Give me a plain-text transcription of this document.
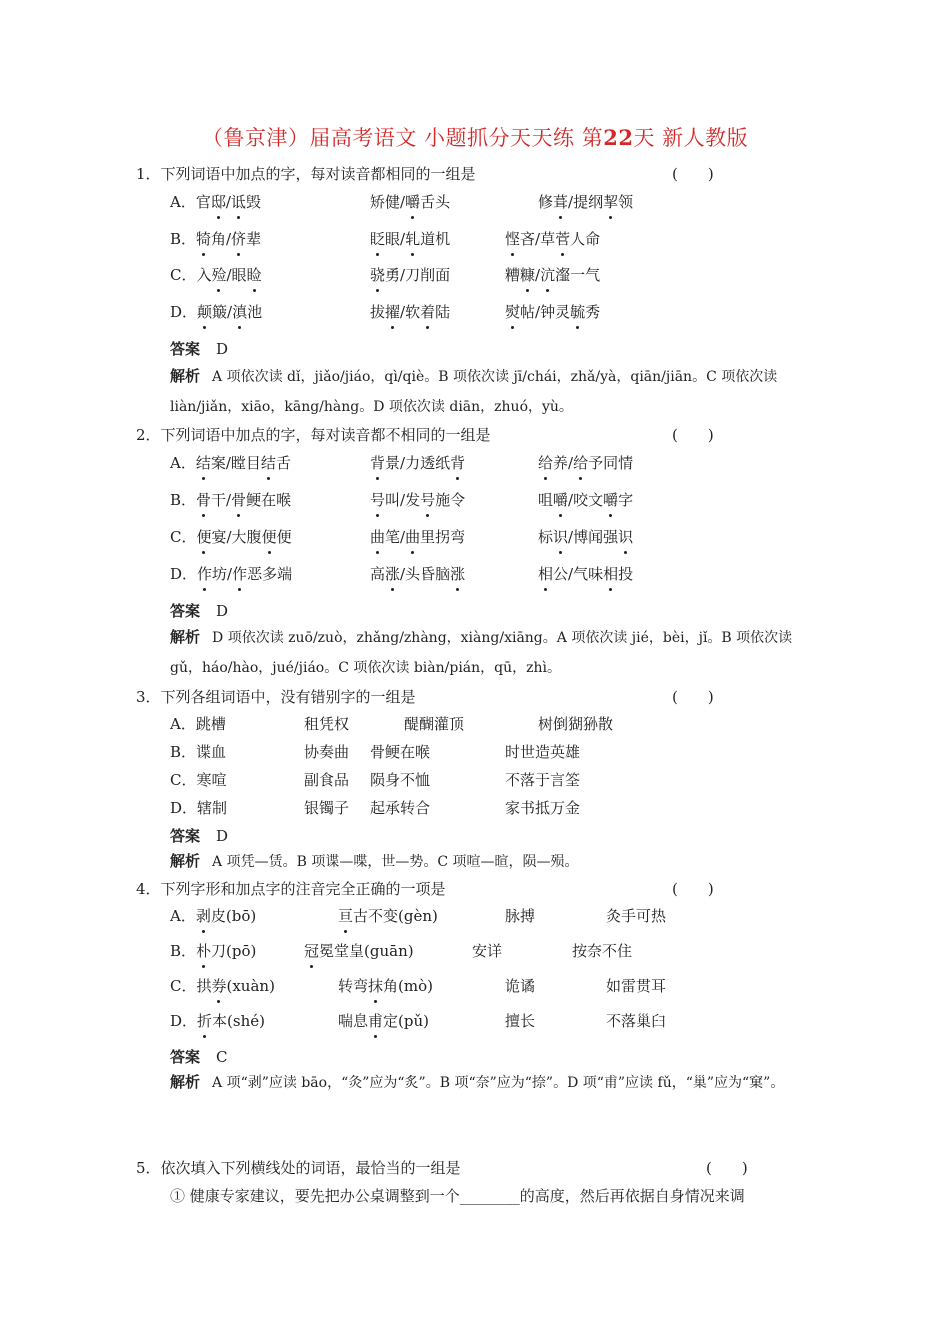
（鲁京津）届高考语文 小题抓分天天练 第22天 新人教版
1．下列词语中加点的字，每对读音都相同的一组是	(　　)
A．官邸/诋毁	矫健/嚼舌头	修葺/提纲挈领
B．犄角/侪辈	眨眼/轧道机	悭吝/草菅人命
C．入殓/眼睑	骁勇/刀削面	糟糠/沆瀣一气
D．颠簸/滇池	拔擢/软着陆	熨帖/钟灵毓秀
答案 D
解析 A 项依次读 dǐ，jiǎo/jiáo，qì/qiè。B 项依次读 jī/chái，zhǎ/yà，qiān/jiān。C 项依次读 liàn/jiǎn，xiāo，kāng/hàng。D 项依次读 diān，zhuó，yù。
2．下列词语中加点的字，每对读音都不相同的一组是	(　　)
A．结案/瞠目结舌	背景/力透纸背	给养/给予同情
B．骨干/骨鲠在喉	号叫/发号施令	咀嚼/咬文嚼字
C．便宴/大腹便便	曲笔/曲里拐弯	标识/博闻强识
D．作坊/作恶多端	高涨/头昏脑涨	相公/气味相投
答案 D
解析 D 项依次读 zuō/zuò，zhǎng/zhàng，xiàng/xiāng。A 项依次读 jié，bèi，jǐ。B 项依次读 gǔ，háo/hào，jué/jiáo。C 项依次读 biàn/pián，qū，zhì。
3．下列各组词语中，没有错别字的一组是	(　　)
A．跳槽	租凭权	醍醐灌顶	树倒猢狲散
B．谍血	协奏曲 骨鲠在喉	时世造英雄
C．寒喧	副食品 陨身不恤	不落于言筌
D．辖制	银镯子 起承转合	家书抵万金
答案 D
解析 A 项凭—赁。B 项谍—喋，世—势。C 项喧—暄，陨—殒。
4．下列字形和加点字的注音完全正确的一项是	(　　)
A．剥皮(bō)	亘古不变(gèn)	脉搏	灸手可热
B．朴刀(pō)	冠冕堂皇(guān)	安详	按奈不住
C．拱券(xuàn)	转弯抹角(mò)	诡谲	如雷贯耳
D．折本(shé)	喘息甫定(pǔ)	擅长	不落巢臼
答案 C
解析 A 项“剥”应读 bāo，“灸”应为“炙”。B 项“奈”应为“捺”。D 项“甫”应读 fǔ，“巢”应为“窠”。
5．依次填入下列横线处的词语，最恰当的一组是	(　　)
① 健康专家建议，要先把办公桌调整到一个________的高度，然后再依据自身情况来调
